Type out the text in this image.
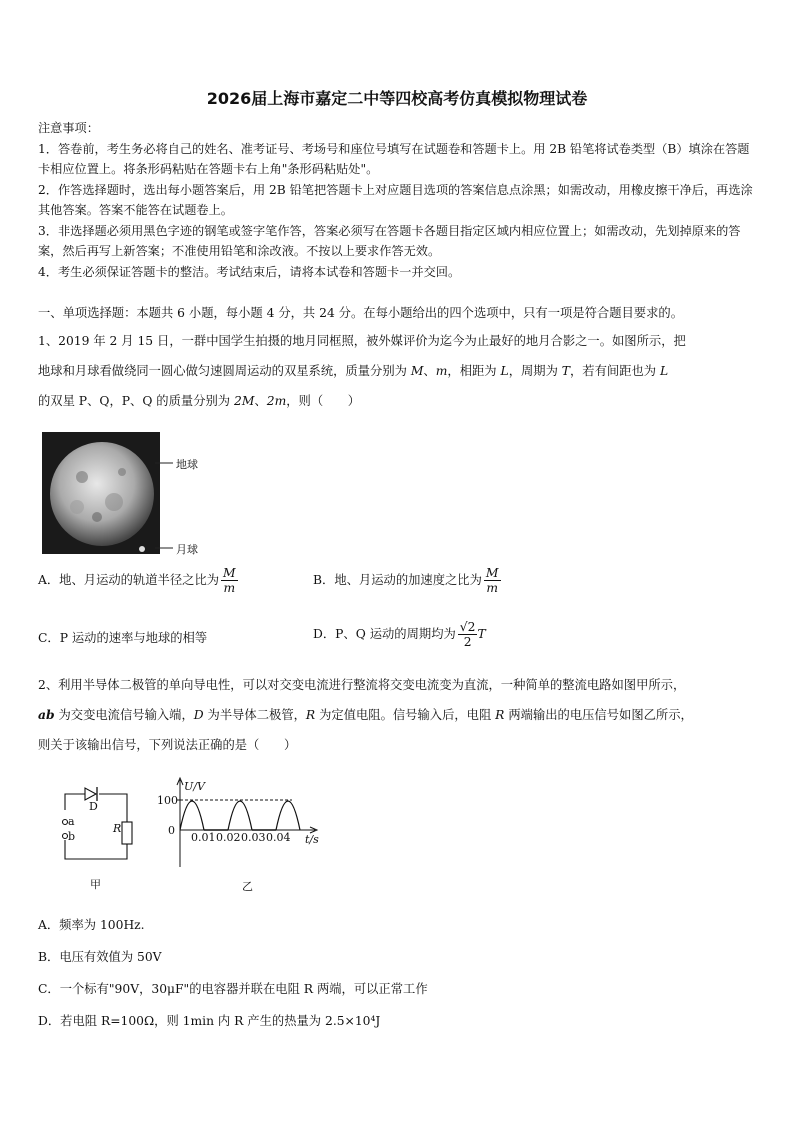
2026届上海市嘉定二中等四校高考仿真模拟物理试卷

注意事项：

1．答卷前，考生务必将自己的姓名、准考证号、考场号和座位号填写在试题卷和答题卡上。用 2B 铅笔将试卷类型（B）填涂在答题卡相应位置上。将条形码粘贴在答题卡右上角"条形码粘贴处"。

2．作答选择题时，选出每小题答案后，用 2B 铅笔把答题卡上对应题目选项的答案信息点涂黑；如需改动，用橡皮擦干净后，再选涂其他答案。答案不能答在试题卷上。

3．非选择题必须用黑色字迹的钢笔或签字笔作答，答案必须写在答题卡各题目指定区域内相应位置上；如需改动，先划掉原来的答案，然后再写上新答案；不准使用铅笔和涂改液。不按以上要求作答无效。

4．考生必须保证答题卡的整洁。考试结束后，请将本试卷和答题卡一并交回。

一、单项选择题：本题共 6 小题，每小题 4 分，共 24 分。在每小题给出的四个选项中，只有一项是符合题目要求的。
1、2019 年 2 月 15 日，一群中国学生拍摄的地月同框照，被外媒评价为迄今为止最好的地月合影之一。如图所示，把
地球和月球看做绕同一圆心做匀速圆周运动的双星系统，质量分别为 M、m，相距为 L，周期为 T，若有间距也为 L
的双星 P、Q，P、Q 的质量分别为 2M、2m，则（　　）
地球
月球
A．地、月运动的轨道半径之比为 $\frac{M}{m}$	B．地、月运动的加速度之比为 $\frac{M}{m}$
C．P 运动的速率与地球的相等	D．P、Q 运动的周期均为 $\frac{√2}{2}$ T
2、利用半导体二极管的单向导电性，可以对交变电流进行整流将交变电流变为直流，一种简单的整流电路如图甲所示，
ab 为交变电流信号输入端，D 为半导体二极管，R 为定值电阻。信号输入后，电阻 R 两端输出的电压信号如图乙所示，
则关于该输出信号，下列说法正确的是（　　）
D
a
b
R
甲
U/V
100
0
0.01 0.02 0.03 0.04 t/s
乙
A．频率为 100Hz.
B．电压有效值为 50V
C．一个标有"90V，30μF"的电容器并联在电阻 R 两端，可以正常工作
D．若电阻 R=100Ω，则 1min 内 R 产生的热量为 2.5×10⁴J
